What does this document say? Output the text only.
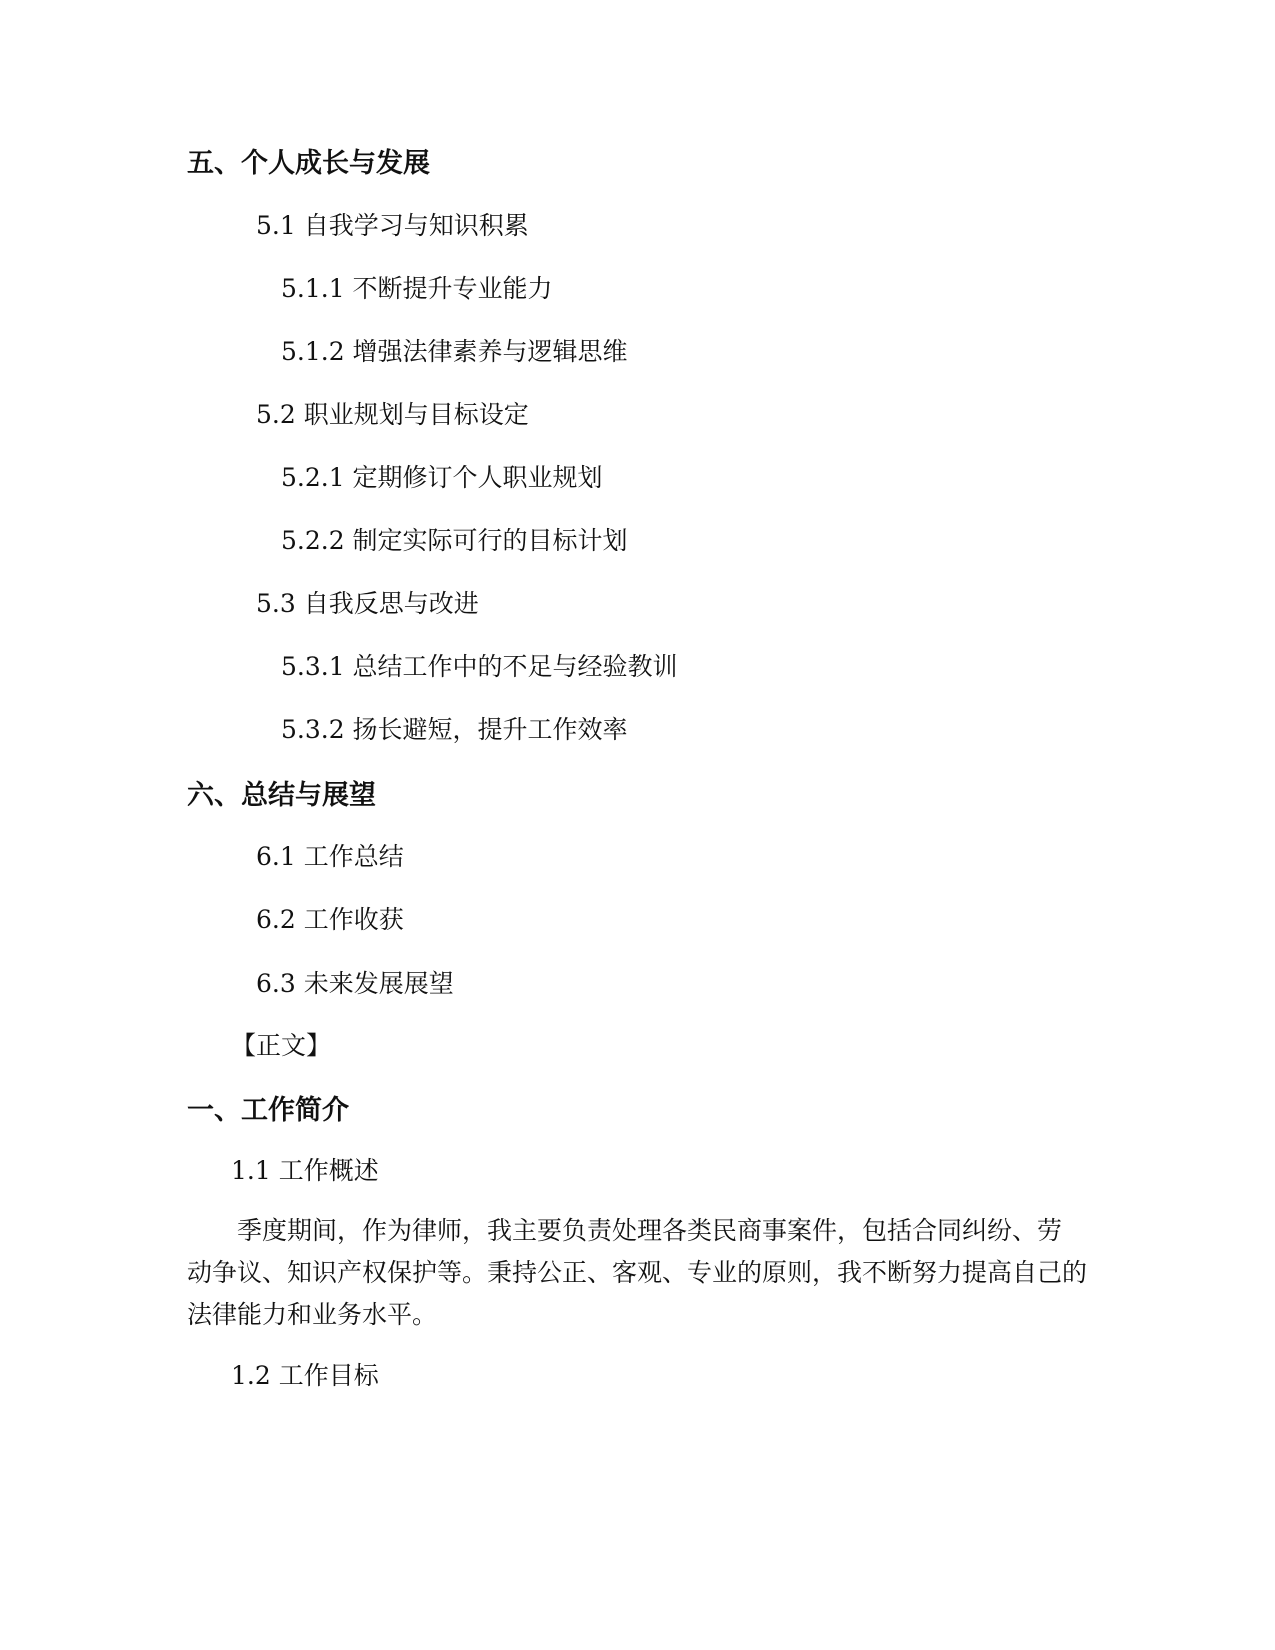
五、个人成长与发展
5.1 自我学习与知识积累
5.1.1 不断提升专业能力
5.1.2 增强法律素养与逻辑思维
5.2 职业规划与目标设定
5.2.1 定期修订个人职业规划
5.2.2 制定实际可行的目标计划
5.3 自我反思与改进
5.3.1 总结工作中的不足与经验教训
5.3.2 扬长避短，提升工作效率
六、总结与展望
6.1 工作总结
6.2 工作收获
6.3 未来发展展望
【正文】
一、工作简介
1.1 工作概述
　　季度期间，作为律师，我主要负责处理各类民商事案件，包括合同纠纷、劳
动争议、知识产权保护等。秉持公正、客观、专业的原则，我不断努力提高自己的
法律能力和业务水平。
1.2 工作目标
